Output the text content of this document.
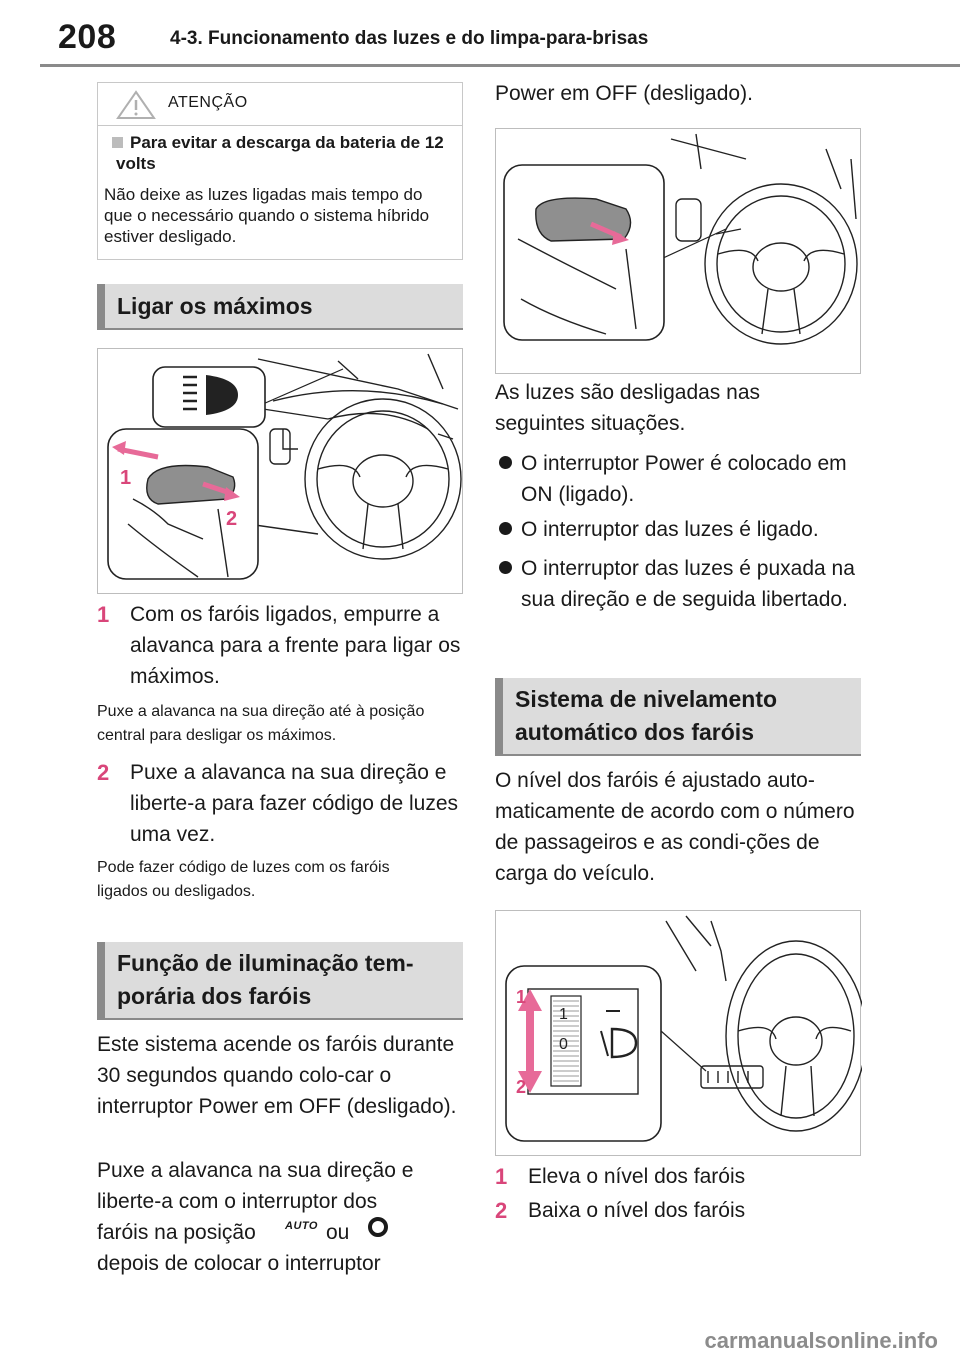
208	4-3. Funcionamento das luzes e do limpa-para-brisas
ATENÇÃO
Para evitar a descarga da bateria de 12 volts
Não deixe as luzes ligadas mais tempo do que o necessário quando o sistema híbrido estiver desligado.
Ligar os máximos
1
2
1 Com os faróis ligados, empurre a alavanca para a frente para ligar os máximos.
Puxe a alavanca na sua direção até à posição central para desligar os máximos.
2 Puxe a alavanca na sua direção e liberte-a para fazer código de luzes uma vez.
Pode fazer código de luzes com os faróis ligados ou desligados.
Função de iluminação tem-
porária dos faróis
Este sistema acende os faróis durante 30 segundos quando colo-car o interruptor Power em OFF (desligado).
Puxe a alavanca na sua direção e
liberte-a com o interruptor dos
faróis na posição	AUTO ou
depois de colocar o interruptor
Power em OFF (desligado).
As luzes são desligadas nas seguintes situações.
O interruptor Power é colocado em ON (ligado).
O interruptor das luzes é ligado.
O interruptor das luzes é puxada na sua direção e de seguida libertado.
Sistema de nivelamento
automático dos faróis
O nível dos faróis é ajustado auto-maticamente de acordo com o número de passageiros e as condi-ções de carga do veículo.
1
0
1
2
1 Eleva o nível dos faróis
2 Baixa o nível dos faróis
carmanualsonline.info
